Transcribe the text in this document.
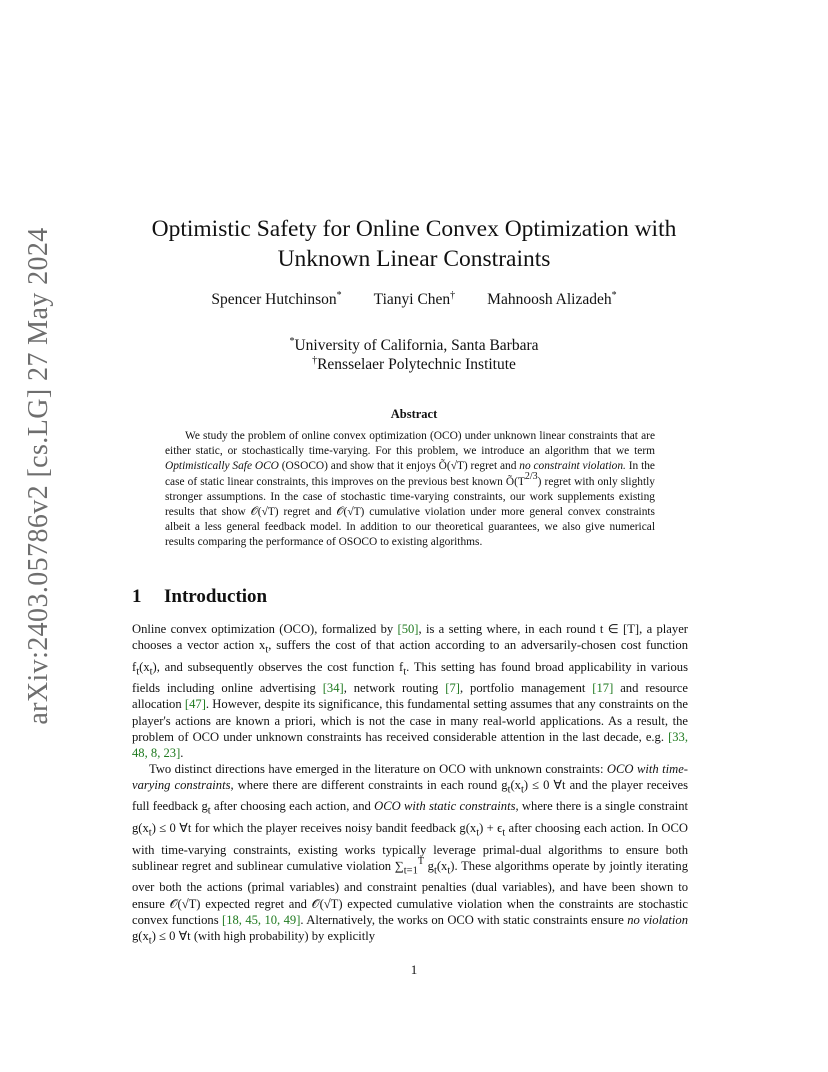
arXiv:2403.05786v2 [cs.LG] 27 May 2024	Optimistic Safety for Online Convex Optimization with
Unknown Linear Constraints
Spencer Hutchinson* Tianyi Chen† Mahnoosh Alizadeh*
*University of California, Santa Barbara
†Rensselaer Polytechnic Institute
Abstract

We study the problem of online convex optimization (OCO) under unknown linear constraints that are either static, or stochastically time-varying. For this problem, we introduce an algorithm that we term Optimistically Safe OCO (OSOCO) and show that it enjoys Õ(√T) regret and no constraint violation. In the case of static linear constraints, this improves on the previous best known $Õ(T^{2/3})$ regret with only slightly stronger assumptions. In the case of stochastic time-varying constraints, our work supplements existing results that show 𝒪(√T) regret and 𝒪(√T) cumulative violation under more general convex constraints albeit a less general feedback model. In addition to our theoretical guarantees, we also give numerical results comparing the performance of OSOCO to existing algorithms.

1 Introduction

Online convex optimization (OCO), formalized by [50], is a setting where, in each round t ∈ [T], a player chooses a vector action $x_t$, suffers the cost of that action according to an adversarily-chosen cost function $f_t(x_t)$, and subsequently observes the cost function $f_t$. This setting has found broad applicability in various fields including online advertising [34], network routing [7], portfolio management [17] and resource allocation [47]. However, despite its significance, this fundamental setting assumes that any constraints on the player's actions are known a priori, which is not the case in many real-world applications. As a result, the problem of OCO under unknown constraints has received considerable attention in the last decade, e.g. [33, 48, 8, 23].

Two distinct directions have emerged in the literature on OCO with unknown constraints: OCO with time-varying constraints, where there are different constraints in each round $g_t(x_t) \le 0$ ∀t and the player receives full feedback $g_t$ after choosing each action, and OCO with static constraints, where there is a single constraint $g(x_t) \le 0$ ∀t for which the player receives noisy bandit feedback $g(x_t) + \epsilon_t$ after choosing each action. In OCO with time-varying constraints, existing works typically leverage primal-dual algorithms to ensure both sublinear regret and sublinear cumulative violation $\sum_{t=1}^T$ $g_t(x_t)$. These algorithms operate by jointly iterating over both the actions (primal variables) and constraint penalties (dual variables), and have been shown to ensure 𝒪(√T) expected regret and 𝒪(√T) expected cumulative violation when the constraints are stochastic convex functions [18, 45, 10, 49]. Alternatively, the works on OCO with static constraints ensure no violation $g(x_t) \le 0$ ∀t (with high probability) by explicitly

1
